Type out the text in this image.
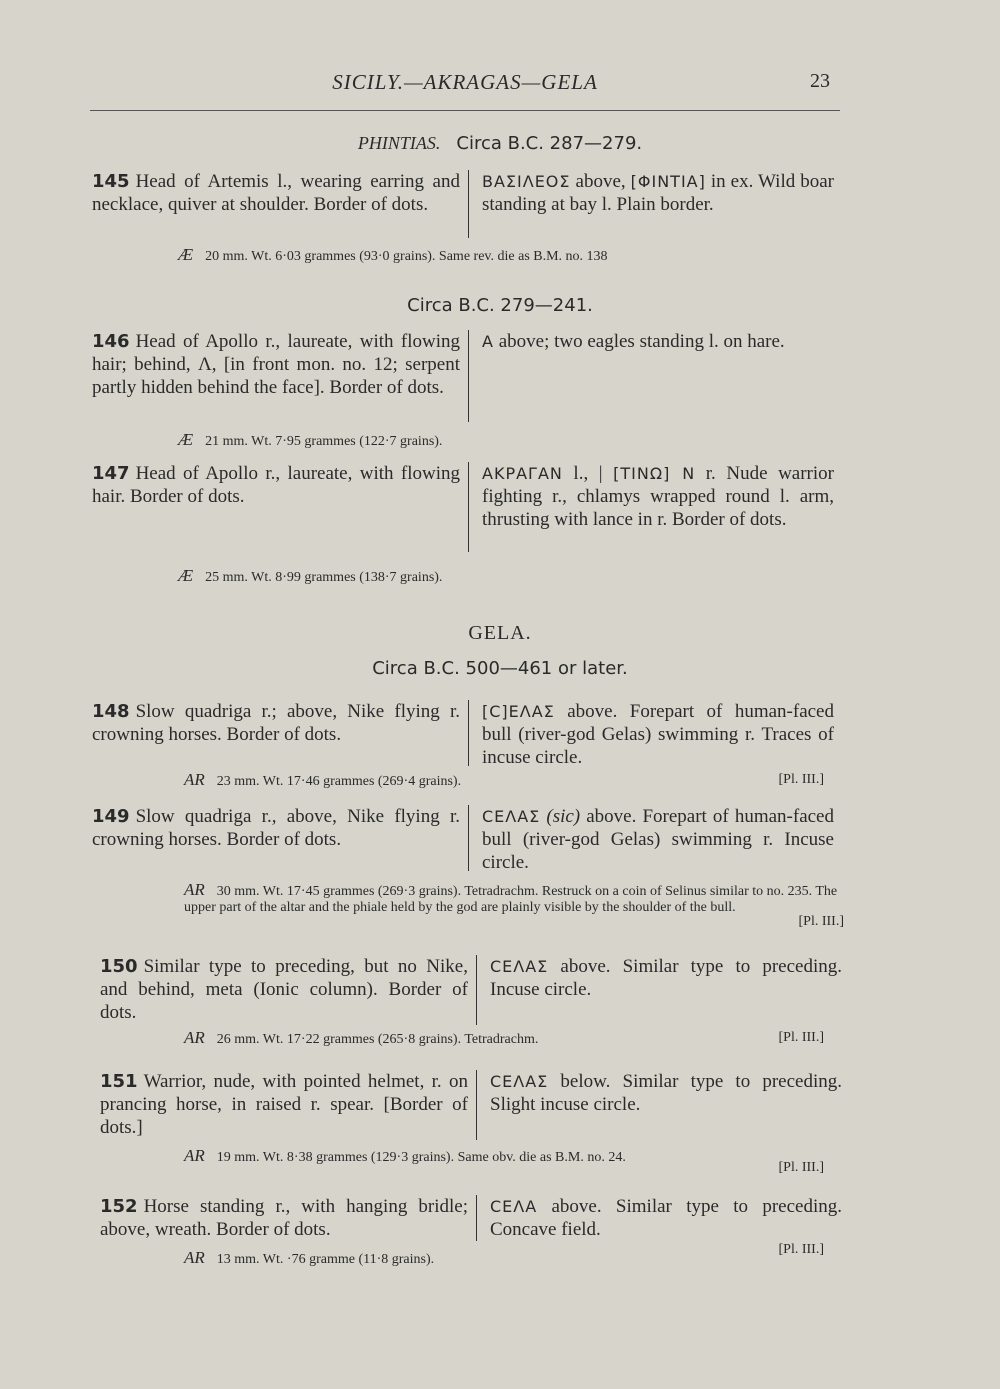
SICILY.—AKRAGAS—GELA	23
PHINTIAS. Circa B.C. 287—279.
145 Head of Artemis l., wearing earring and necklace, quiver at shoulder. Border of dots.
ΒΑΣΙΛΕΟΣ above, [ΦΙΝΤΙΑ] in ex. Wild boar standing at bay l. Plain border.
Æ 20 mm. Wt. 6·03 grammes (93·0 grains). Same rev. die as B.M. no. 138
Circa B.C. 279—241.
146 Head of Apollo r., laureate, with flowing hair; behind, Λ, [in front mon. no. 12; serpent partly hidden behind the face]. Border of dots.
Α above; two eagles standing l. on hare.
Æ 21 mm. Wt. 7·95 grammes (122·7 grains).
147 Head of Apollo r., laureate, with flowing hair. Border of dots.
ΑΚΡΑΓΑΝ l., | [ΤΙΝΩ] Ν r. Nude warrior fighting r., chlamys wrapped round l. arm, thrusting with lance in r. Border of dots.
Æ 25 mm. Wt. 8·99 grammes (138·7 grains).
GELA.
Circa B.C. 500—461 or later.
148 Slow quadriga r.; above, Nike flying r. crowning horses. Border of dots.
[C]ΕΛΑΣ above. Forepart of human-faced bull (river-god Gelas) swimming r. Traces of incuse circle.
AR 23 mm. Wt. 17·46 grammes (269·4 grains).	[Pl. III.]
149 Slow quadriga r., above, Nike flying r. crowning horses. Border of dots.
CΕΛΑΣ (sic) above. Forepart of human-faced bull (river-god Gelas) swimming r. Incuse circle.
AR 30 mm. Wt. 17·45 grammes (269·3 grains). Tetradrachm. Restruck on a coin of Selinus similar to no. 235. The upper part of the altar and the phiale held by the god are plainly visible by the shoulder of the bull.
[Pl. III.]
150 Similar type to preceding, but no Nike, and behind, meta (Ionic column). Border of dots.
CΕΛΑΣ above. Similar type to preceding. Incuse circle.
AR 26 mm. Wt. 17·22 grammes (265·8 grains). Tetradrachm.	[Pl. III.]
151 Warrior, nude, with pointed helmet, r. on prancing horse, in raised r. spear. [Border of dots.]
CΕΛΑΣ below. Similar type to preceding. Slight incuse circle.
AR 19 mm. Wt. 8·38 grammes (129·3 grains). Same obv. die as B.M. no. 24.
[Pl. III.]
152 Horse standing r., with hanging bridle; above, wreath. Border of dots.
CΕΛΑ above. Similar type to preceding. Concave field.
AR 13 mm. Wt. ·76 gramme (11·8 grains).
[Pl. III.]
